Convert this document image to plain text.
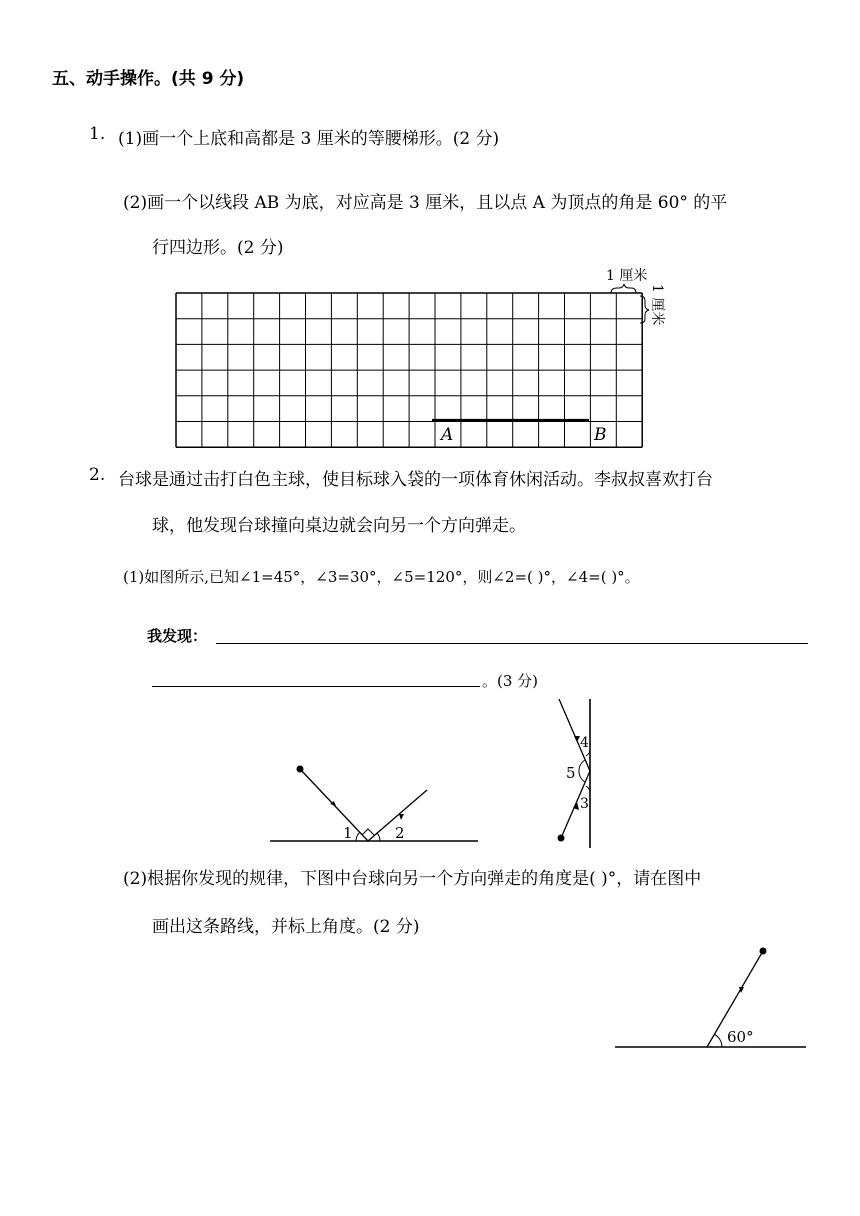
五、动手操作。(共 9 分)
1. (1)画一个上底和高都是 3 厘米的等腰梯形。(2 分)
(2)画一个以线段 AB 为底，对应高是 3 厘米，且以点 A 为顶点的角是 60° 的平
行四边形。(2 分)
A	B
1 厘米
1 厘米
2. 台球是通过击打白色主球，使目标球入袋的一项体育休闲活动。李叔叔喜欢打台
球，他发现台球撞向桌边就会向另一个方向弹走。
(1)如图所示,已知∠1=45°，∠3=30°，∠5=120°，则∠2=( )°，∠4=( )°。
我发现：
。(3 分)
1	2
4
5
3
(2)根据你发现的规律，下图中台球向另一个方向弹走的角度是( )°，请在图中
画出这条路线，并标上角度。(2 分)
60°
